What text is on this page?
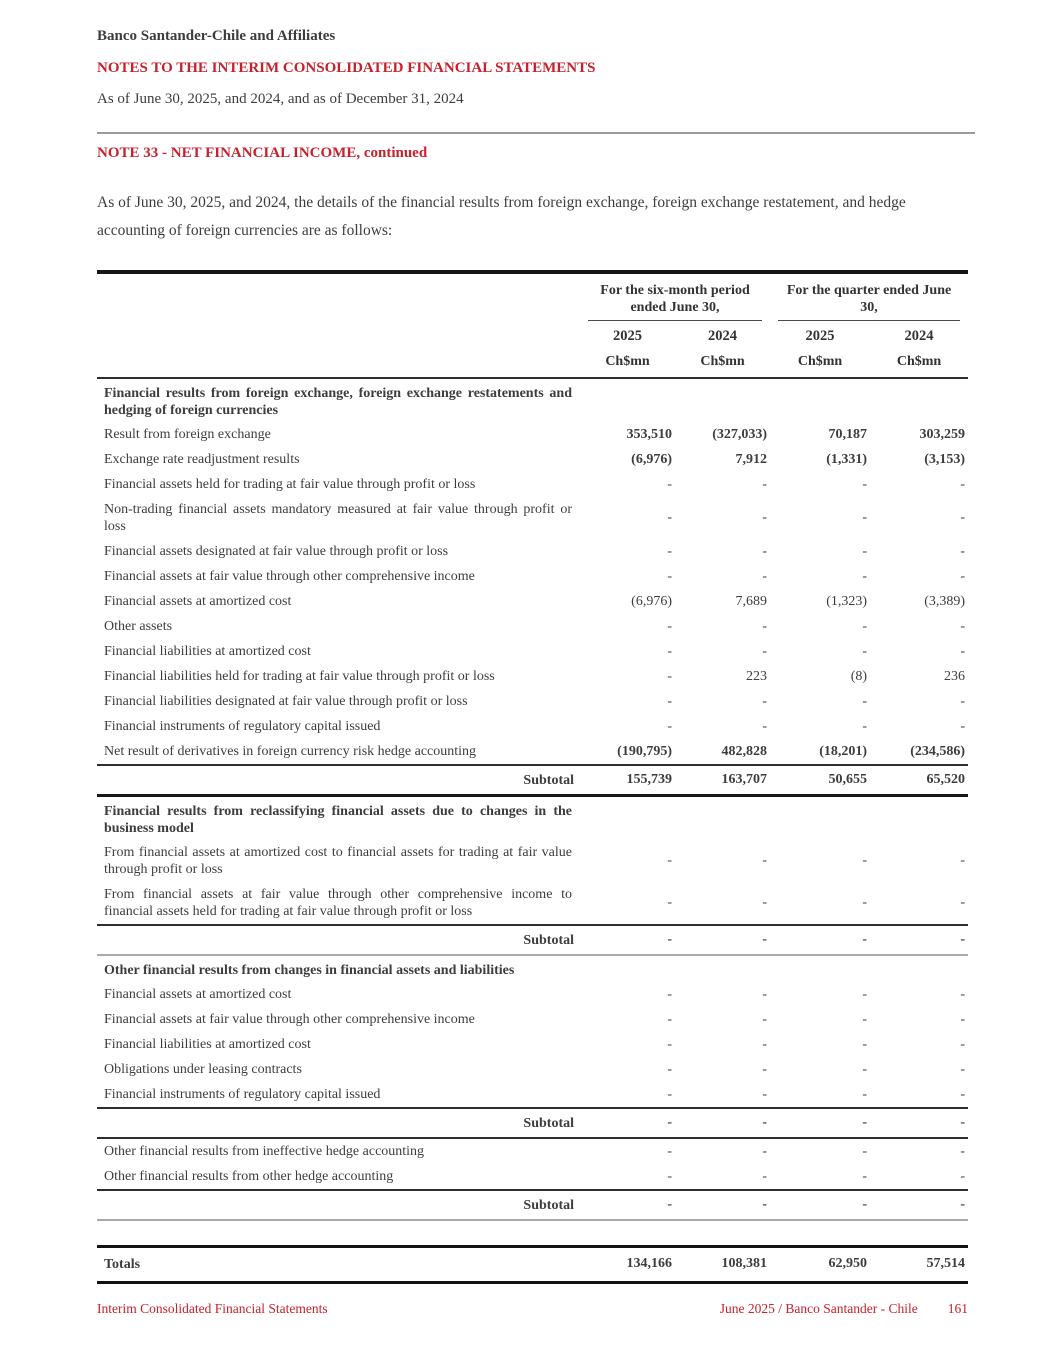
Banco Santander-Chile and Affiliates
NOTES TO THE INTERIM CONSOLIDATED FINANCIAL STATEMENTS
As of June 30, 2025, and 2024, and as of December 31, 2024
NOTE 33 - NET FINANCIAL INCOME, continued

As of June 30, 2025, and 2024, the details of the financial results from foreign exchange, foreign exchange restatement, and hedge accounting of foreign currencies are as follows:

	For the six-month period ended June 30,		For the quarter ended June 30,	

	2025	2024	2025	2024
	Ch$mn	Ch$mn	Ch$mn	Ch$mn
Financial results from foreign exchange, foreign exchange restatements and hedging of foreign currencies				
Result from foreign exchange	353,510	(327,033)	70,187	303,259
Exchange rate readjustment results	(6,976)	7,912	(1,331)	(3,153)
Financial assets held for trading at fair value through profit or loss	-	-	-	-
Non-trading financial assets mandatory measured at fair value through profit or loss	-	-	-	-
Financial assets designated at fair value through profit or loss	-	-	-	-
Financial assets at fair value through other comprehensive income	-	-	-	-
Financial assets at amortized cost	(6,976)	7,689	(1,323)	(3,389)
Other assets	-	-	-	-
Financial liabilities at amortized cost	-	-	-	-
Financial liabilities held for trading at fair value through profit or loss	-	223	(8)	236
Financial liabilities designated at fair value through profit or loss	-	-	-	-
Financial instruments of regulatory capital issued	-	-	-	-
Net result of derivatives in foreign currency risk hedge accounting	(190,795)	482,828	(18,201)	(234,586)
Subtotal	155,739	163,707	50,655	65,520
Financial results from reclassifying financial assets due to changes in the business model				
From financial assets at amortized cost to financial assets for trading at fair value through profit or loss	-	-	-	-
From financial assets at fair value through other comprehensive income to financial assets held for trading at fair value through profit or loss	-	-	-	-
Subtotal	-	-	-	-
Other financial results from changes in financial assets and liabilities				
Financial assets at amortized cost	-	-	-	-
Financial assets at fair value through other comprehensive income	-	-	-	-
Financial liabilities at amortized cost	-	-	-	-
Obligations under leasing contracts	-	-	-	-
Financial instruments of regulatory capital issued	-	-	-	-
Subtotal	-	-	-	-
Other financial results from ineffective hedge accounting	-	-	-	-
Other financial results from other hedge accounting	-	-	-	-
Subtotal	-	-	-	-

Totals	134,166	108,381	62,950	57,514
Interim Consolidated Financial Statements	June 2025 / Banco Santander - Chile 161
